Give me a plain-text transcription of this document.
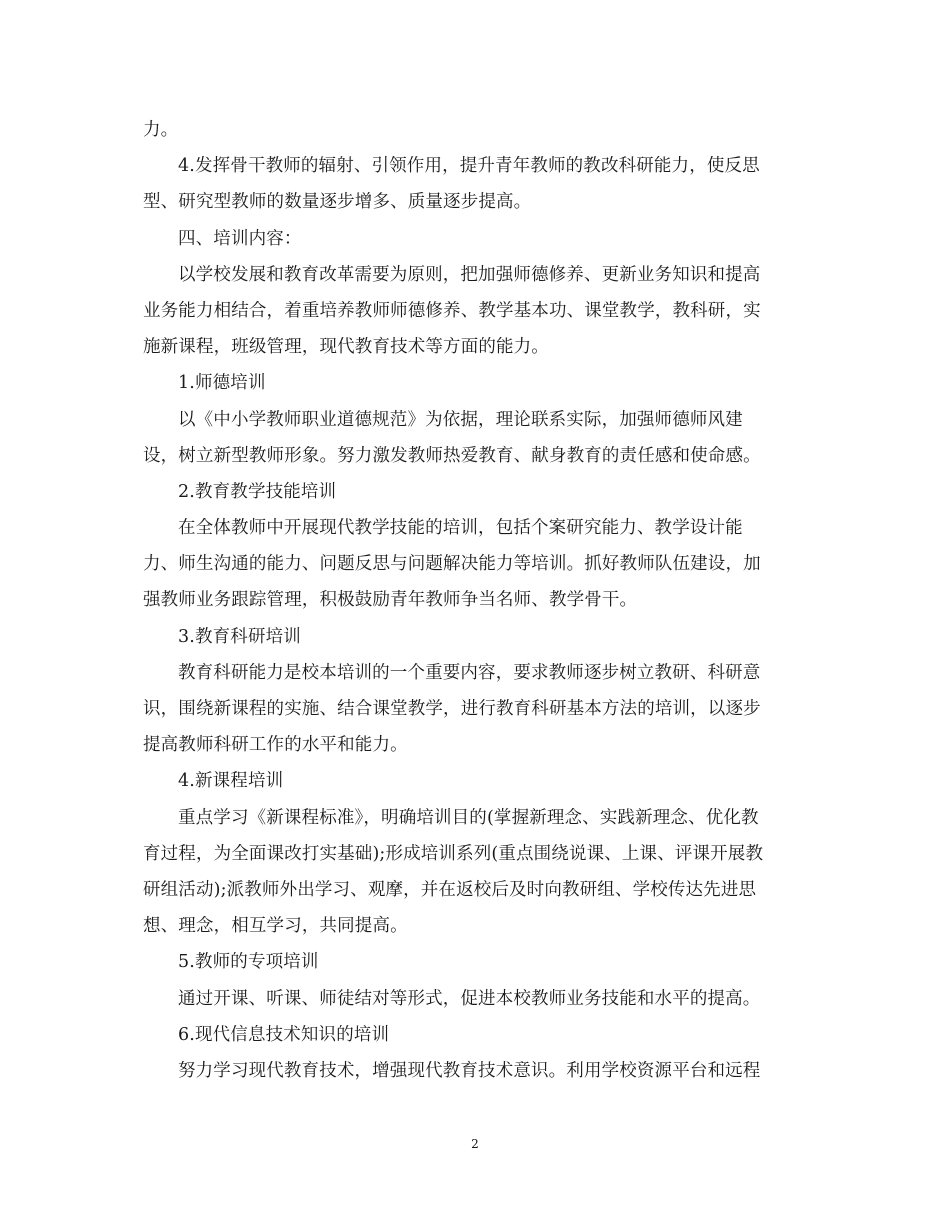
力。
4.发挥骨干教师的辐射、引领作用，提升青年教师的教改科研能力，使反思
型、研究型教师的数量逐步增多、质量逐步提高。
四、培训内容：
以学校发展和教育改革需要为原则，把加强师德修养、更新业务知识和提高
业务能力相结合，着重培养教师师德修养、教学基本功、课堂教学，教科研，实
施新课程，班级管理，现代教育技术等方面的能力。
1.师德培训
以《中小学教师职业道德规范》为依据，理论联系实际，加强师德师风建
设，树立新型教师形象。努力激发教师热爱教育、献身教育的责任感和使命感。
2.教育教学技能培训
在全体教师中开展现代教学技能的培训，包括个案研究能力、教学设计能
力、师生沟通的能力、问题反思与问题解决能力等培训。抓好教师队伍建设，加
强教师业务跟踪管理，积极鼓励青年教师争当名师、教学骨干。
3.教育科研培训
教育科研能力是校本培训的一个重要内容，要求教师逐步树立教研、科研意
识，围绕新课程的实施、结合课堂教学，进行教育科研基本方法的培训，以逐步
提高教师科研工作的水平和能力。
4.新课程培训
重点学习《新课程标准》，明确培训目的(掌握新理念、实践新理念、优化教
育过程，为全面课改打实基础);形成培训系列(重点围绕说课、上课、评课开展教
研组活动);派教师外出学习、观摩，并在返校后及时向教研组、学校传达先进思
想、理念，相互学习，共同提高。
5.教师的专项培训
通过开课、听课、师徒结对等形式，促进本校教师业务技能和水平的提高。
6.现代信息技术知识的培训
努力学习现代教育技术，增强现代教育技术意识。利用学校资源平台和远程
2
